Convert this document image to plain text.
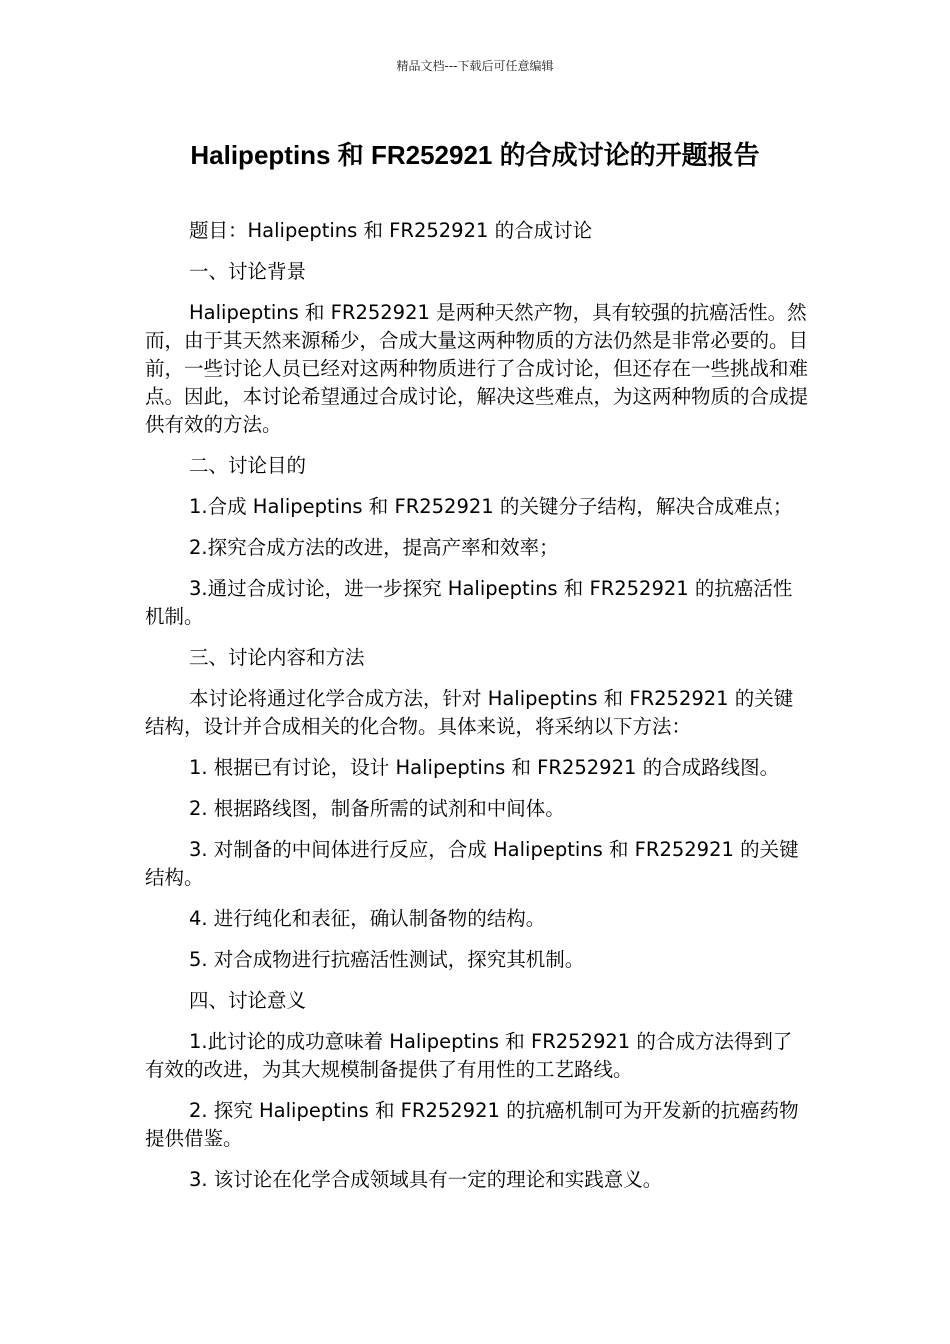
精品文档---下载后可任意编辑
Halipeptins 和 FR252921 的合成讨论的开题报告

题目：Halipeptins 和 FR252921 的合成讨论

一、讨论背景

Halipeptins 和 FR252921 是两种天然产物，具有较强的抗癌活性。然而，由于其天然来源稀少，合成大量这两种物质的方法仍然是非常必要的。目前，一些讨论人员已经对这两种物质进行了合成讨论，但还存在一些挑战和难点。因此，本讨论希望通过合成讨论，解决这些难点，为这两种物质的合成提供有效的方法。

二、讨论目的

1.合成 Halipeptins 和 FR252921 的关键分子结构，解决合成难点；

2.探究合成方法的改进，提高产率和效率；

3.通过合成讨论，进一步探究 Halipeptins 和 FR252921 的抗癌活性机制。

三、讨论内容和方法

本讨论将通过化学合成方法，针对 Halipeptins 和 FR252921 的关键结构，设计并合成相关的化合物。具体来说，将采纳以下方法：

1. 根据已有讨论，设计 Halipeptins 和 FR252921 的合成路线图。

2. 根据路线图，制备所需的试剂和中间体。

3. 对制备的中间体进行反应，合成 Halipeptins 和 FR252921 的关键结构。

4. 进行纯化和表征，确认制备物的结构。

5. 对合成物进行抗癌活性测试，探究其机制。

四、讨论意义

1.此讨论的成功意味着 Halipeptins 和 FR252921 的合成方法得到了有效的改进，为其大规模制备提供了有用性的工艺路线。

2. 探究 Halipeptins 和 FR252921 的抗癌机制可为开发新的抗癌药物提供借鉴。

3. 该讨论在化学合成领域具有一定的理论和实践意义。
